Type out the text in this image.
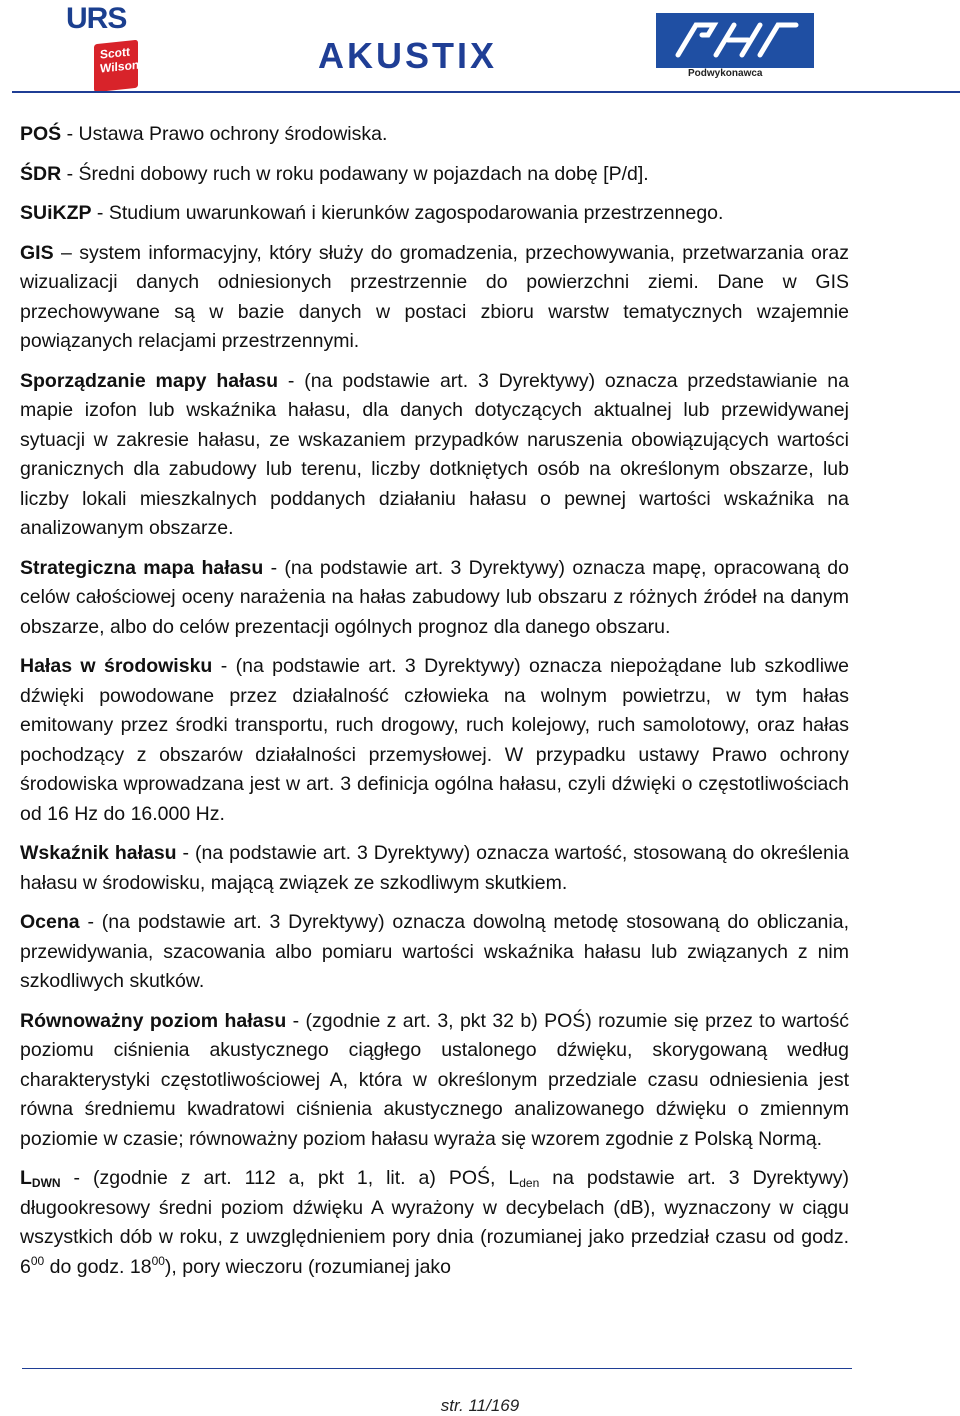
URS
Scott
Wilson	AKUSTIX	Podwykonawca

POŚ - Ustawa Prawo ochrony środowiska.

ŚDR - Średni dobowy ruch w roku podawany w pojazdach na dobę [P/d].

SUiKZP - Studium uwarunkowań i kierunków zagospodarowania przestrzennego.

GIS – system informacyjny, który służy do gromadzenia, przechowywania, przetwarzania oraz wizualizacji danych odniesionych przestrzennie do powierzchni ziemi. Dane w GIS przechowywane są w bazie danych w postaci zbioru warstw tematycznych wzajemnie powiązanych relacjami przestrzennymi.

Sporządzanie mapy hałasu - (na podstawie art. 3 Dyrektywy) oznacza przedstawianie na mapie izofon lub wskaźnika hałasu, dla danych dotyczących aktualnej lub przewidywanej sytuacji w zakresie hałasu, ze wskazaniem przypadków naruszenia obowiązujących wartości granicznych dla zabudowy lub terenu, liczby dotkniętych osób na określonym obszarze, lub liczby lokali mieszkalnych poddanych działaniu hałasu o pewnej wartości wskaźnika na analizowanym obszarze.

Strategiczna mapa hałasu - (na podstawie art. 3 Dyrektywy) oznacza mapę, opracowaną do celów całościowej oceny narażenia na hałas zabudowy lub obszaru z różnych źródeł na danym obszarze, albo do celów prezentacji ogólnych prognoz dla danego obszaru.

Hałas w środowisku - (na podstawie art. 3 Dyrektywy) oznacza niepożądane lub szkodliwe dźwięki powodowane przez działalność człowieka na wolnym powietrzu, w tym hałas emitowany przez środki transportu, ruch drogowy, ruch kolejowy, ruch samolotowy, oraz hałas pochodzący z obszarów działalności przemysłowej. W przypadku ustawy Prawo ochrony środowiska wprowadzana jest w art. 3 definicja ogólna hałasu, czyli dźwięki o częstotliwościach od 16 Hz do 16.000 Hz.

Wskaźnik hałasu - (na podstawie art. 3 Dyrektywy) oznacza wartość, stosowaną do określenia hałasu w środowisku, mającą związek ze szkodliwym skutkiem.

Ocena - (na podstawie art. 3 Dyrektywy) oznacza dowolną metodę stosowaną do obliczania, przewidywania, szacowania albo pomiaru wartości wskaźnika hałasu lub związanych z nim szkodliwych skutków.

Równoważny poziom hałasu - (zgodnie z art. 3, pkt 32 b) POŚ) rozumie się przez to wartość poziomu ciśnienia akustycznego ciągłego ustalonego dźwięku, skorygowaną według charakterystyki częstotliwościowej A, która w określonym przedziale czasu odniesienia jest równa średniemu kwadratowi ciśnienia akustycznego analizowanego dźwięku o zmiennym poziomie w czasie; równoważny poziom hałasu wyraża się wzorem zgodnie z Polską Normą.

$L_{DWN}$ - (zgodnie z art. 112 a, pkt 1, lit. a) POŚ, $L_{den}$ na podstawie art. 3 Dyrektywy) długookresowy średni poziom dźwięku A wyrażony w decybelach (dB), wyznaczony w ciągu wszystkich dób w roku, z uwzględnieniem pory dnia (rozumianej jako przedział czasu od godz. $6^{00}$ do godz. $18^{00}$), pory wieczoru (rozumianej jako

str. 11/169
